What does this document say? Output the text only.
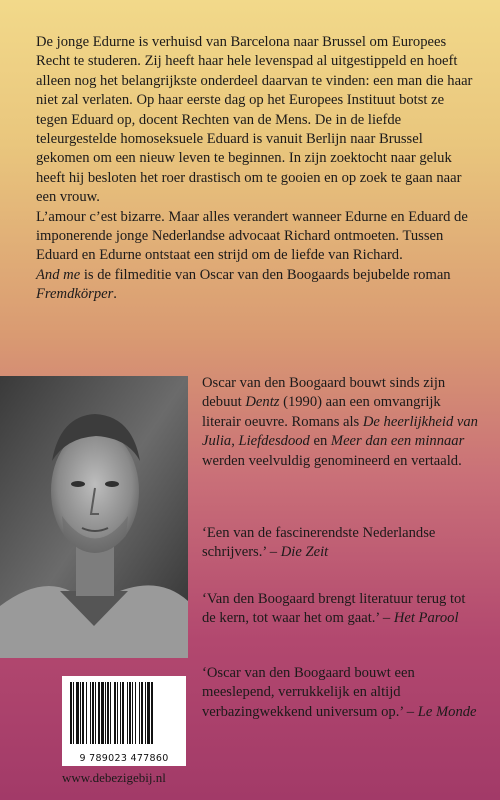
De jonge Edurne is verhuisd van Barcelona naar Brussel om Europees Recht te studeren. Zij heeft haar hele levenspad al uitgestippeld en hoeft alleen nog het belangrijkste onderdeel daarvan te vinden: een man die haar niet zal verlaten. Op haar eerste dag op het Europees Instituut botst ze tegen Eduard op, docent Rechten van de Mens. De in de liefde teleurgestelde homoseksuele Eduard is vanuit Berlijn naar Brussel gekomen om een nieuw leven te beginnen. In zijn zoektocht naar geluk heeft hij besloten het roer drastisch om te gooien en op zoek te gaan naar een vrouw.

L’amour c’est bizarre. Maar alles verandert wanneer Edurne en Eduard de imponerende jonge Nederlandse advocaat Richard ontmoeten. Tussen Eduard en Edurne ontstaat een strijd om de liefde van Richard.

And me is de filmeditie van Oscar van den Boogaards bejubelde roman Fremdkörper.

Oscar van den Boogaard bouwt sinds zijn debuut Dentz (1990) aan een omvangrijk literair oeuvre. Romans als De heerlijkheid van Julia, Liefdesdood en Meer dan een minnaar werden veelvuldig genomineerd en vertaald.
‘Een van de fascinerendste Nederlandse schrijvers.’ – Die Zeit
‘Van den Boogaard brengt literatuur terug tot de kern, tot waar het om gaat.’ – Het Parool
‘Oscar van den Boogaard bouwt een meeslepend, verrukkelijk en altijd verbazingwekkend universum op.’ – Le Monde
9 789023 477860
www.debezigebij.nl
